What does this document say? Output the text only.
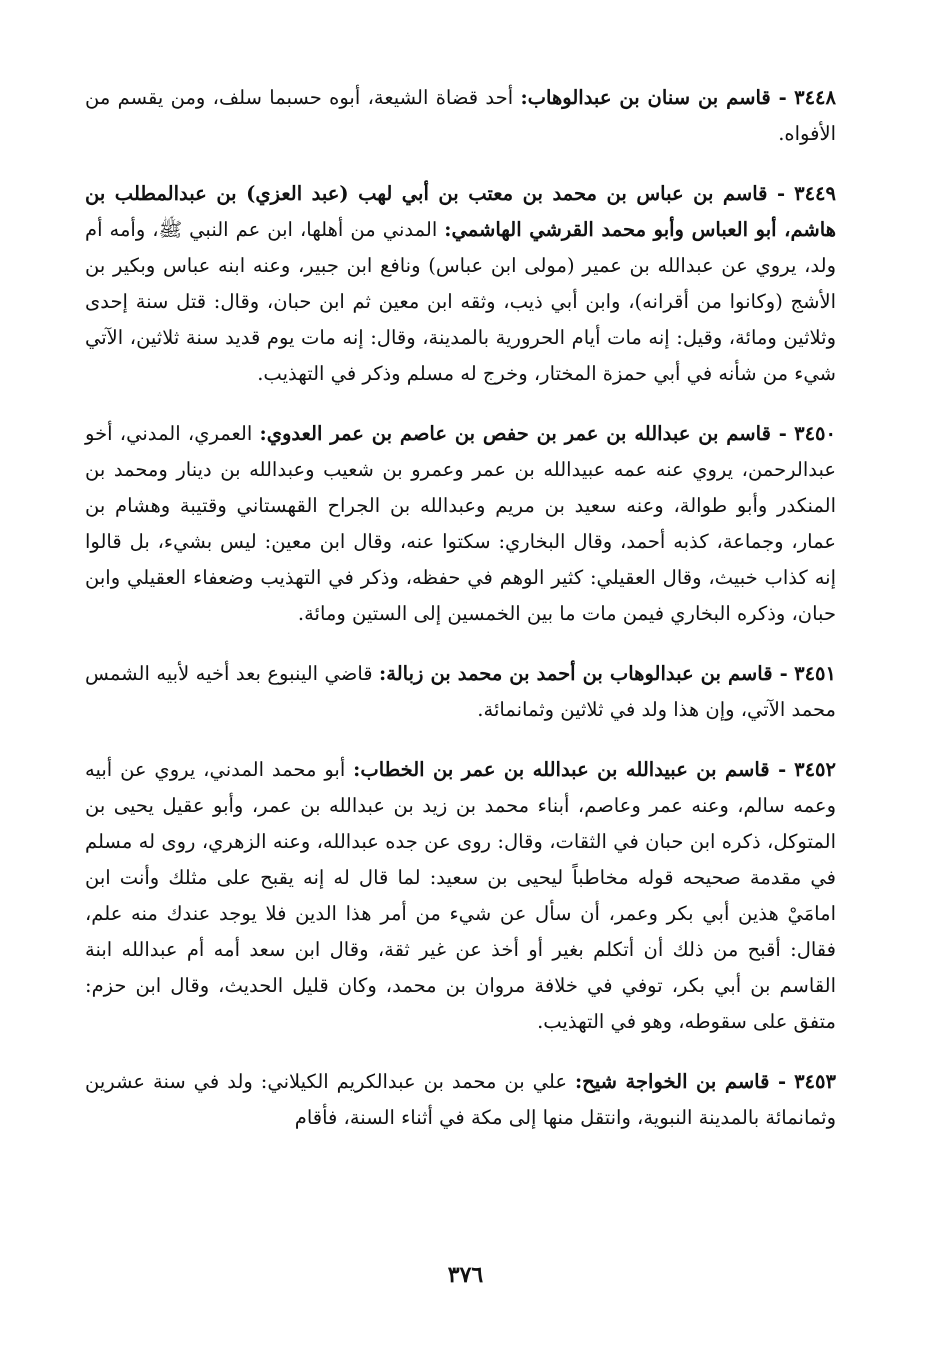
٣٤٤٨ - قاسم بن سنان بن عبدالوهاب: أحد قضاة الشيعة، أبوه حسبما سلف، ومن يقسم من الأفواه.

٣٤٤٩ - قاسم بن عباس بن محمد بن معتب بن أبي لهب (عبد العزي) بن عبدالمطلب بن هاشم، أبو العباس وأبو محمد القرشي الهاشمي: المدني من أهلها، ابن عم النبي ﷺ، وأمه أم ولد، يروي عن عبدالله بن عمير (مولى ابن عباس) ونافع ابن جبير، وعنه ابنه عباس وبكير بن الأشج (وكانوا من أقرانه)، وابن أبي ذيب، وثقه ابن معين ثم ابن حبان، وقال: قتل سنة إحدى وثلاثين ومائة، وقيل: إنه مات أيام الحرورية بالمدينة، وقال: إنه مات يوم قديد سنة ثلاثين، الآتي شيء من شأنه في أبي حمزة المختار، وخرج له مسلم وذكر في التهذيب.

٣٤٥٠ - قاسم بن عبدالله بن عمر بن حفص بن عاصم بن عمر العدوي: العمري، المدني، أخو عبدالرحمن، يروي عنه عمه عبيدالله بن عمر وعمرو بن شعيب وعبدالله بن دينار ومحمد بن المنكدر وأبو طوالة، وعنه سعيد بن مريم وعبدالله بن الجراح القهستاني وقتيبة وهشام بن عمار، وجماعة، كذبه أحمد، وقال البخاري: سكتوا عنه، وقال ابن معين: ليس بشيء، بل قالوا إنه كذاب خبيث، وقال العقيلي: كثير الوهم في حفظه، وذكر في التهذيب وضعفاء العقيلي وابن حبان، وذكره البخاري فيمن مات ما بين الخمسين إلى الستين ومائة.

٣٤٥١ - قاسم بن عبدالوهاب بن أحمد بن محمد بن زبالة: قاضي الينبوع بعد أخيه لأبيه الشمس محمد الآتي، وإن هذا ولد في ثلاثين وثمانمائة.

٣٤٥٢ - قاسم بن عبيدالله بن عبدالله بن عمر بن الخطاب: أبو محمد المدني، يروي عن أبيه وعمه سالم، وعنه عمر وعاصم، أبناء محمد بن زيد بن عبدالله بن عمر، وأبو عقيل يحيى بن المتوكل، ذكره ابن حبان في الثقات، وقال: روى عن جده عبدالله، وعنه الزهري، روى له مسلم في مقدمة صحيحه قوله مخاطباً ليحيى بن سعيد: لما قال له إنه يقبح على مثلك وأنت ابن امامَيْ هذين أبي بكر وعمر، أن سأل عن شيء من أمر هذا الدين فلا يوجد عندك منه علم، فقال: أقبح من ذلك أن أتكلم بغير أو أخذ عن غير ثقة، وقال ابن سعد أمه أم عبدالله ابنة القاسم بن أبي بكر، توفي في خلافة مروان بن محمد، وكان قليل الحديث، وقال ابن حزم: متفق على سقوطه، وهو في التهذيب.

٣٤٥٣ - قاسم بن الخواجة شيح: علي بن محمد بن عبدالكريم الكيلاني: ولد في سنة عشرين وثمانمائة بالمدينة النبوية، وانتقل منها إلى مكة في أثناء السنة، فأقام

٣٧٦
